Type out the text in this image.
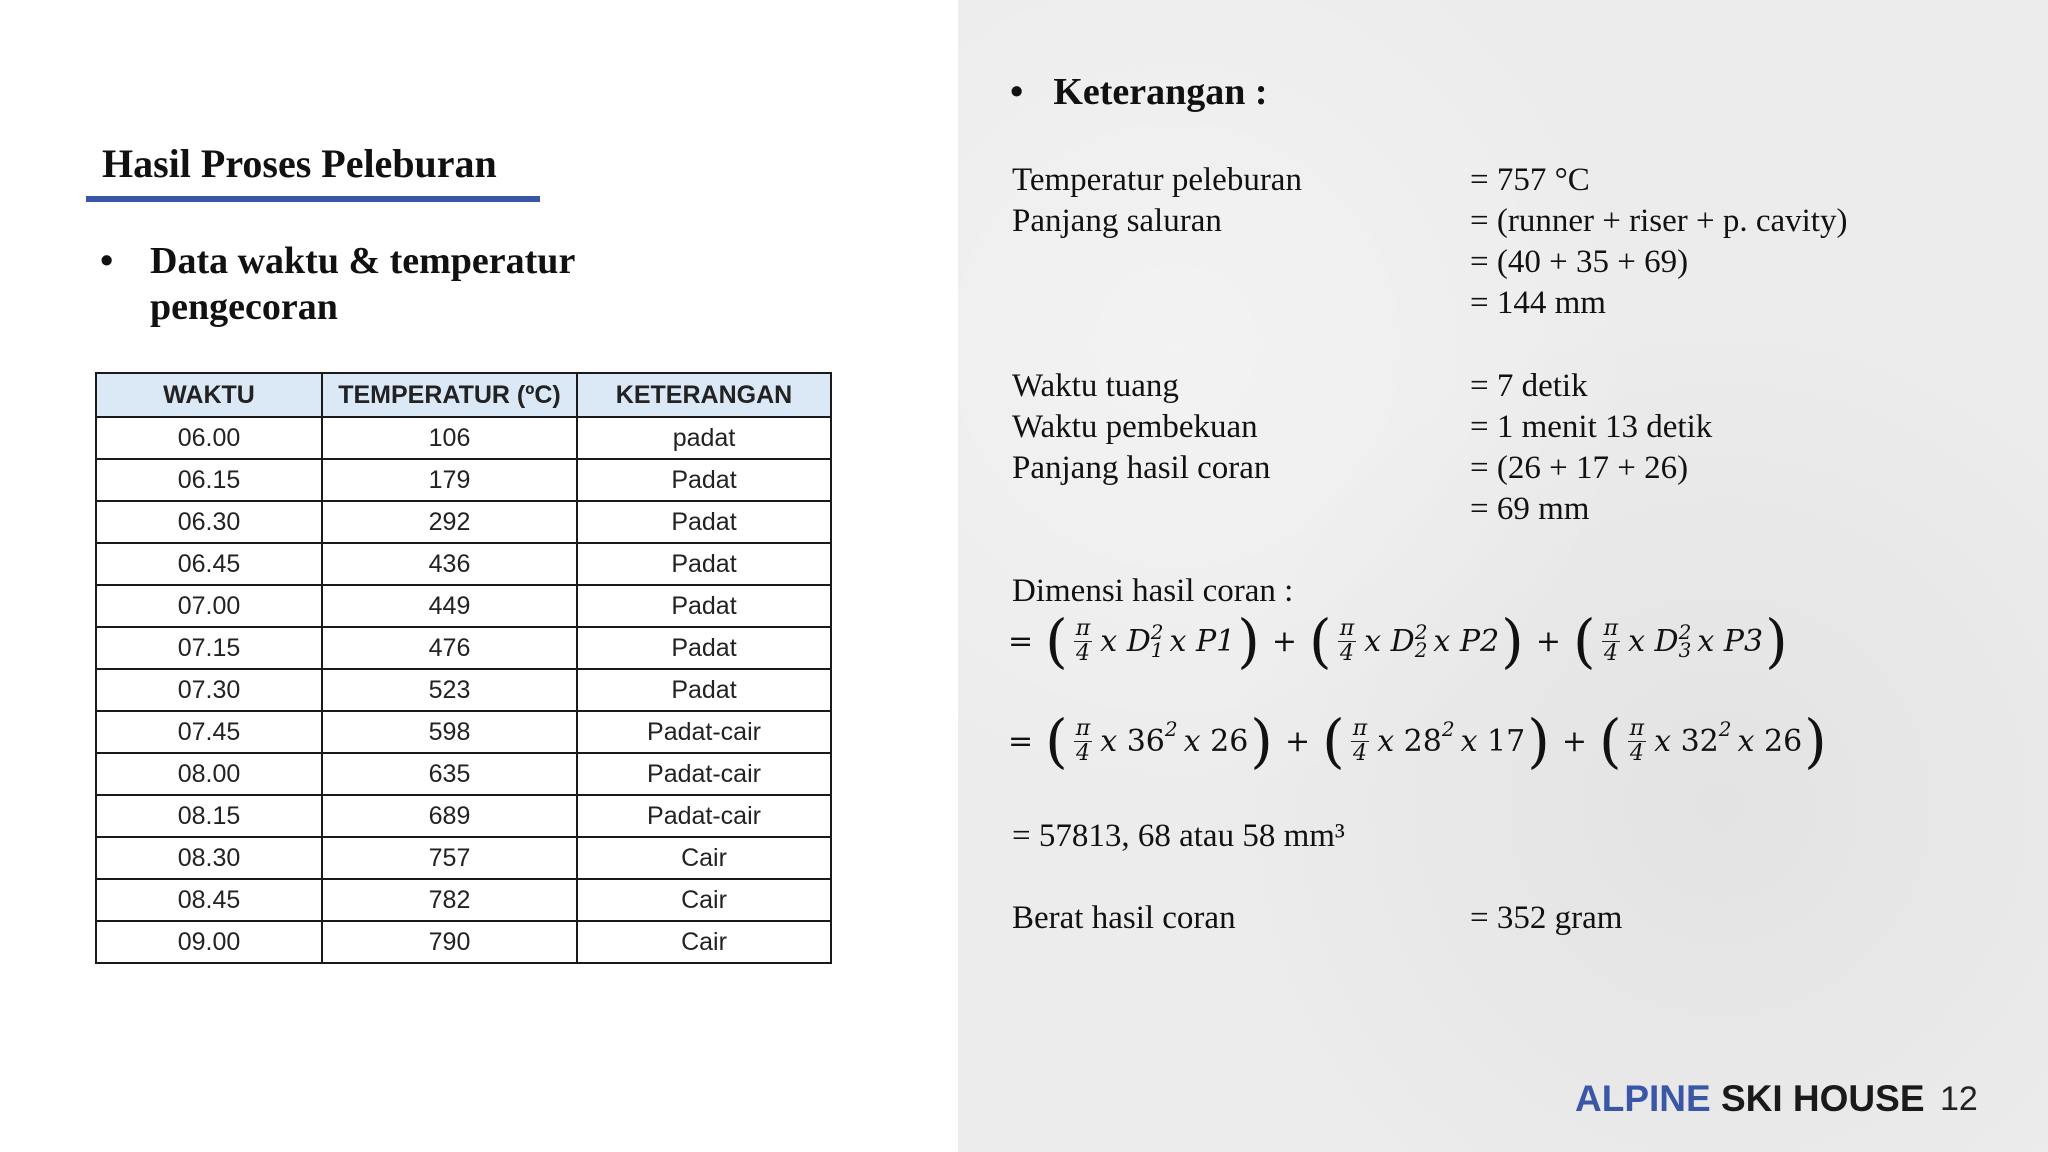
Hasil Proses Peleburan
• Data waktu & temperatur pengecoran
WAKTU	TEMPERATUR (ºC)	KETERANGAN
06.00	106	padat
06.15	179	Padat
06.30	292	Padat
06.45	436	Padat
07.00	449	Padat
07.15	476	Padat
07.30	523	Padat
07.45	598	Padat-cair
08.00	635	Padat-cair
08.15	689	Padat-cair
08.30	757	Cair
08.45	782	Cair
09.00	790	Cair
• Keterangan :
Temperatur peleburan	= 757 °C
Panjang saluran	= (runner + riser + p. cavity)
= (40 + 35 + 69)
= 144 mm
Waktu tuang	= 7 detik
Waktu pembekuan	= 1 menit 13 detik
Panjang hasil coran	= (26 + 17 + 26)
= 69 mm
Dimensi hasil coran :
= ( $\frac{\pi}{4}$ x
D 2
1 x
P1 ) + ( $\frac{\pi}{4}$ x
D 2
2 x
P2 ) + ( $\frac{\pi}{4}$ x
D 2
3 x
P3 )
= ( $\frac{\pi}{4}$ x
36 2 x
26 ) + ( $\frac{\pi}{4}$ x
28 2 x
17 ) + ( $\frac{\pi}{4}$ x
32 2 x
26 )
= 57813, 68 atau 58 mm³
Berat hasil coran	= 352 gram
ALPINE SKI HOUSE 12
